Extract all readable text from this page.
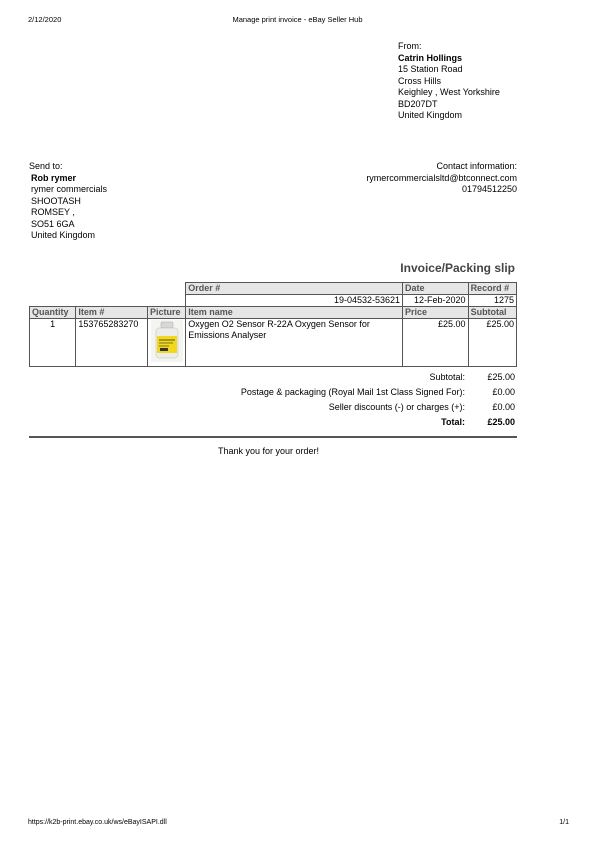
2/12/2020	Manage print invoice - eBay Seller Hub
From:
Catrin Hollings
15 Station Road
Cross Hills
Keighley , West Yorkshire
BD207DT
United Kingdom
Send to:
Rob rymer
rymer commercials
SHOOTASH
ROMSEY ,
SO51 6GA
United Kingdom
Contact information:
rymercommercialsltd@btconnect.com
01794512250
Invoice/Packing slip
			Order #	Date	Record #
			19-04532-53621	12-Feb-2020	1275
Quantity	Item #	Picture	Item name	Price	Subtotal
1	153765283270		Oxygen O2 Sensor R-22A Oxygen Sensor for Emissions Analyser	£25.00	£25.00
Subtotal: £25.00
Postage & packaging (Royal Mail 1st Class Signed For):	£0.00
Seller discounts (-) or charges (+):	£0.00
Total: £25.00
Thank you for your order!
https://k2b-print.ebay.co.uk/ws/eBayISAPI.dll	1/1
